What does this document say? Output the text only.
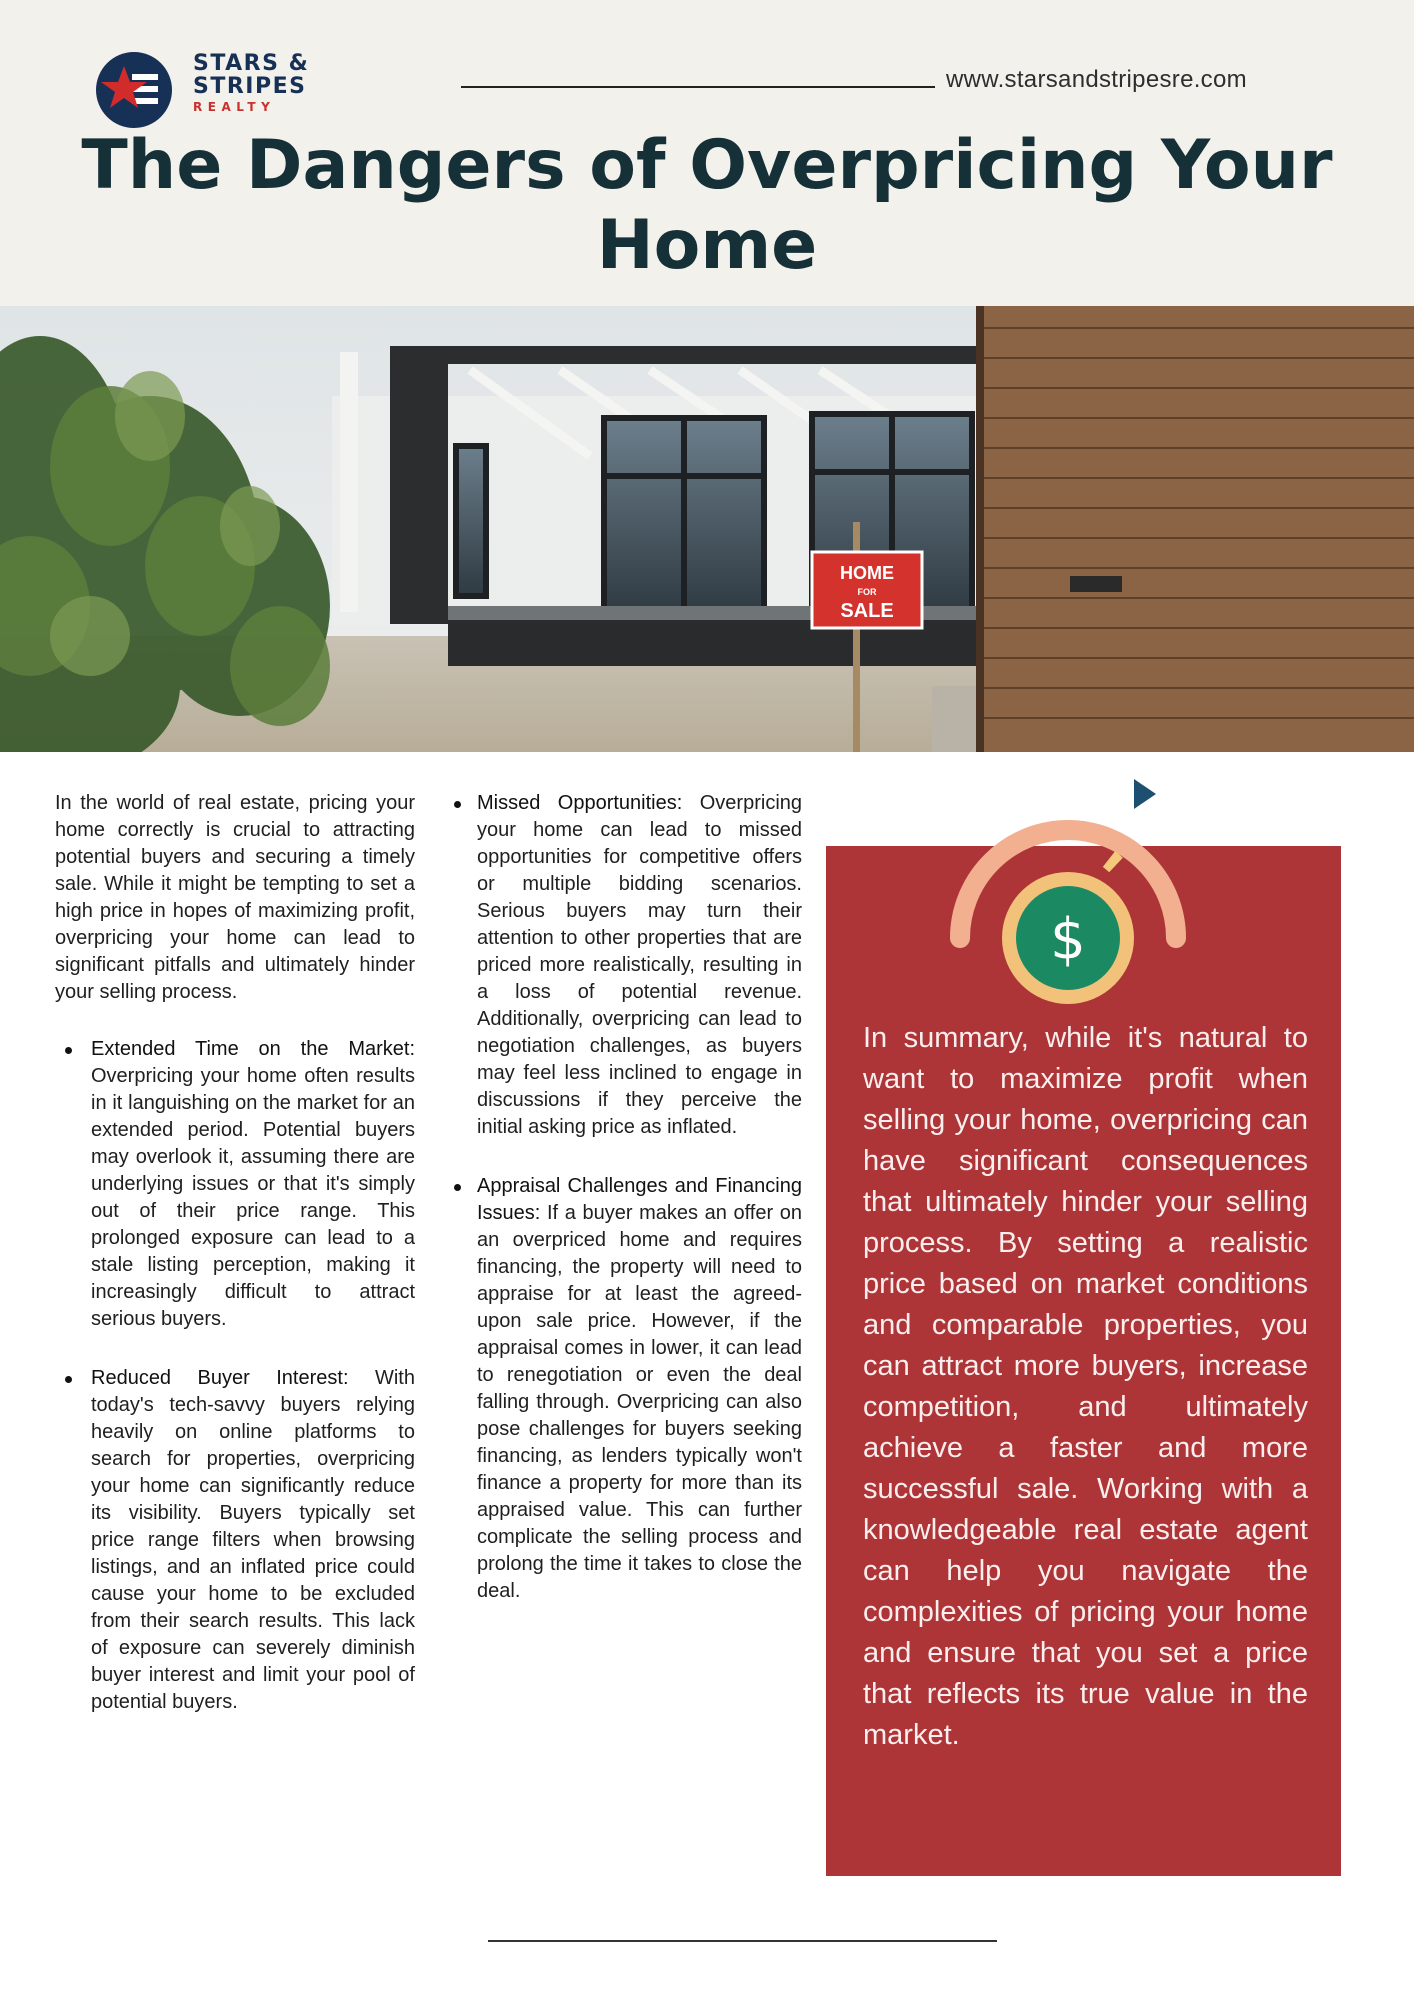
STARS &
STRIPES
REALTY
www.starsandstripesre.com
The Dangers of Overpricing Your Home
HOME
FOR
SALE

In the world of real estate, pricing your home correctly is crucial to attracting potential buyers and securing a timely sale. While it might be tempting to set a high price in hopes of maximizing profit, overpricing your home can lead to significant pitfalls and ultimately hinder your selling process.

Extended Time on the Market: Overpricing your home often results in it languishing on the market for an extended period. Potential buyers may overlook it, assuming there are underlying issues or that it's simply out of their price range. This prolonged exposure can lead to a stale listing perception, making it increasingly difficult to attract serious buyers.
Reduced Buyer Interest: With today's tech-savvy buyers relying heavily on online platforms to search for properties, overpricing your home can significantly reduce its visibility. Buyers typically set price range filters when browsing listings, and an inflated price could cause your home to be excluded from their search results. This lack of exposure can severely diminish buyer interest and limit your pool of potential buyers.
Missed Opportunities: Overpricing your home can lead to missed opportunities for competitive offers or multiple bidding scenarios. Serious buyers may turn their attention to other properties that are priced more realistically, resulting in a loss of potential revenue. Additionally, overpricing can lead to negotiation challenges, as buyers may feel less inclined to engage in discussions if they perceive the initial asking price as inflated.
Appraisal Challenges and Financing Issues: If a buyer makes an offer on an overpriced home and requires financing, the property will need to appraise for at least the agreed-upon sale price. However, if the appraisal comes in lower, it can lead to renegotiation or even the deal falling through. Overpricing can also pose challenges for buyers seeking financing, as lenders typically won't finance a property for more than its appraised value. This can further complicate the selling process and prolong the time it takes to close the deal.
$

In summary, while it's natural to want to maximize profit when selling your home, overpricing can have significant consequences that ultimately hinder your selling process. By setting a realistic price based on market conditions and comparable properties, you can attract more buyers, increase competition, and ultimately achieve a faster and more successful sale. Working with a knowledgeable real estate agent can help you navigate the complexities of pricing your home and ensure that you set a price that reflects its true value in the market.
